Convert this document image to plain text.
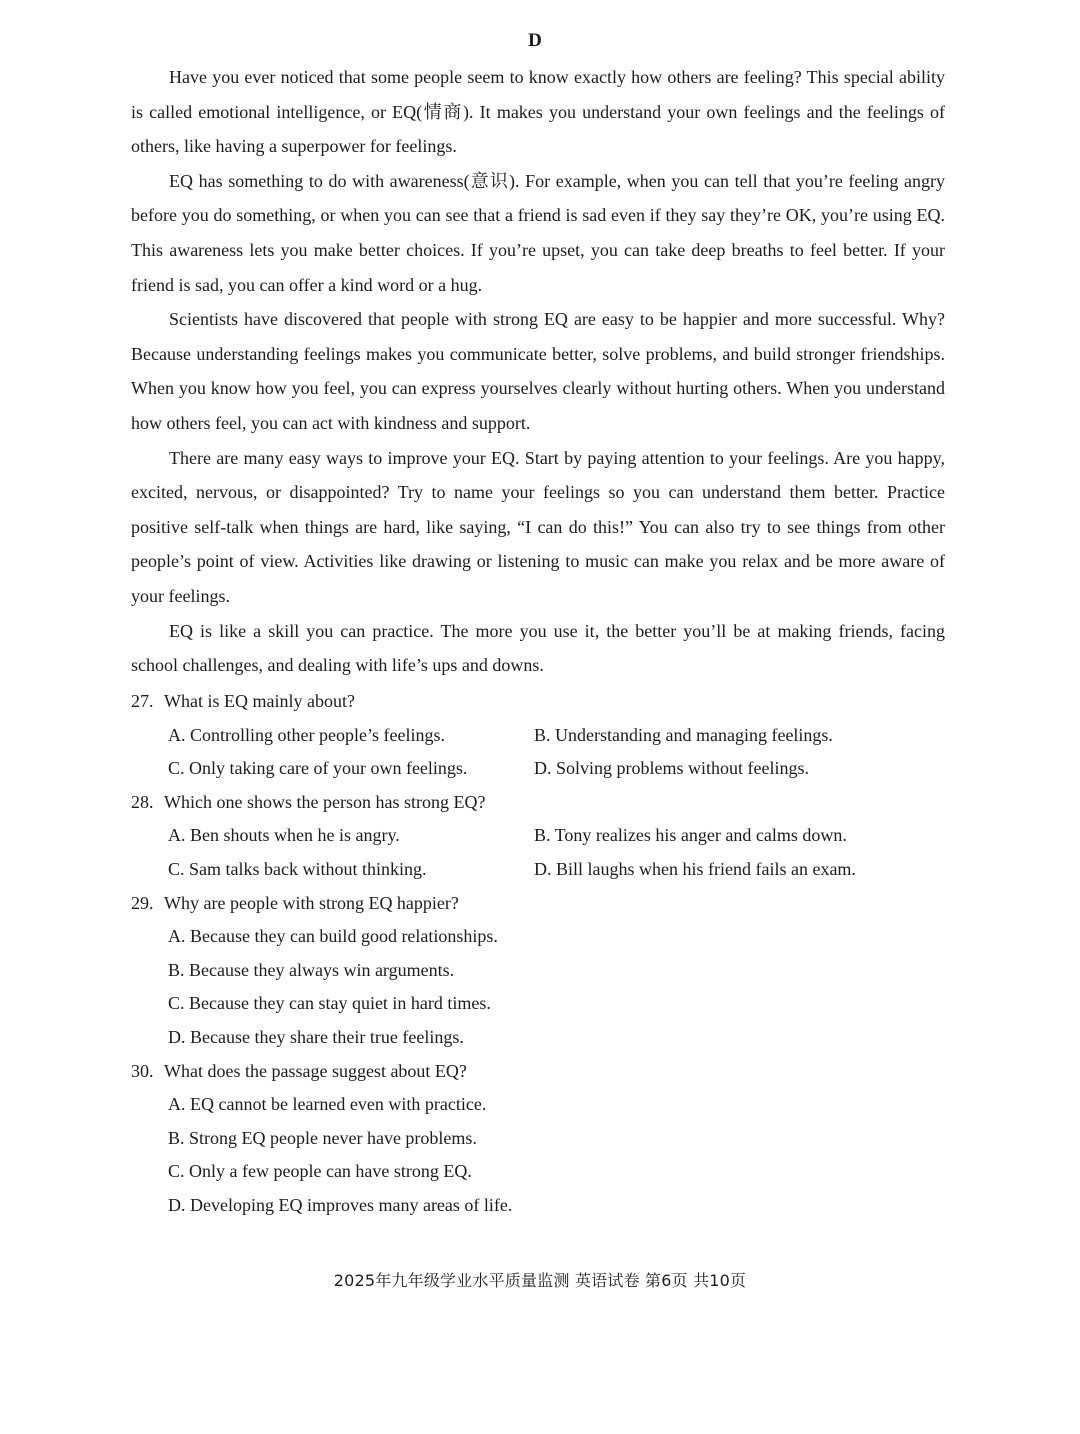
D

Have you ever noticed that some people seem to know exactly how others are feeling? This special ability is called emotional intelligence, or EQ(情商). It makes you understand your own feelings and the feelings of others, like having a superpower for feelings.

EQ has something to do with awareness(意识). For example, when you can tell that you’re feeling angry before you do something, or when you can see that a friend is sad even if they say they’re OK, you’re using EQ. This awareness lets you make better choices. If you’re upset, you can take deep breaths to feel better. If your friend is sad, you can offer a kind word or a hug.

Scientists have discovered that people with strong EQ are easy to be happier and more successful. Why? Because understanding feelings makes you communicate better, solve problems, and build stronger friendships. When you know how you feel, you can express yourselves clearly without hurting others. When you understand how others feel, you can act with kindness and support.

There are many easy ways to improve your EQ. Start by paying attention to your feelings. Are you happy, excited, nervous, or disappointed? Try to name your feelings so you can understand them better. Practice positive self-talk when things are hard, like saying, “I can do this!” You can also try to see things from other people’s point of view. Activities like drawing or listening to music can make you relax and be more aware of your feelings.

EQ is like a skill you can practice. The more you use it, the better you’ll be at making friends, facing school challenges, and dealing with life’s ups and downs.

27. What is EQ mainly about?
A. Controlling other people’s feelings.	B. Understanding and managing feelings.
C. Only taking care of your own feelings.	D. Solving problems without feelings.
28. Which one shows the person has strong EQ?
A. Ben shouts when he is angry.	B. Tony realizes his anger and calms down.
C. Sam talks back without thinking.	D. Bill laughs when his friend fails an exam.
29. Why are people with strong EQ happier?
A. Because they can build good relationships.
B. Because they always win arguments.
C. Because they can stay quiet in hard times.
D. Because they share their true feelings.
30. What does the passage suggest about EQ?
A. EQ cannot be learned even with practice.
B. Strong EQ people never have problems.
C. Only a few people can have strong EQ.
D. Developing EQ improves many areas of life.
2025年九年级学业水平质量监测 英语试卷 第6页 共10页
